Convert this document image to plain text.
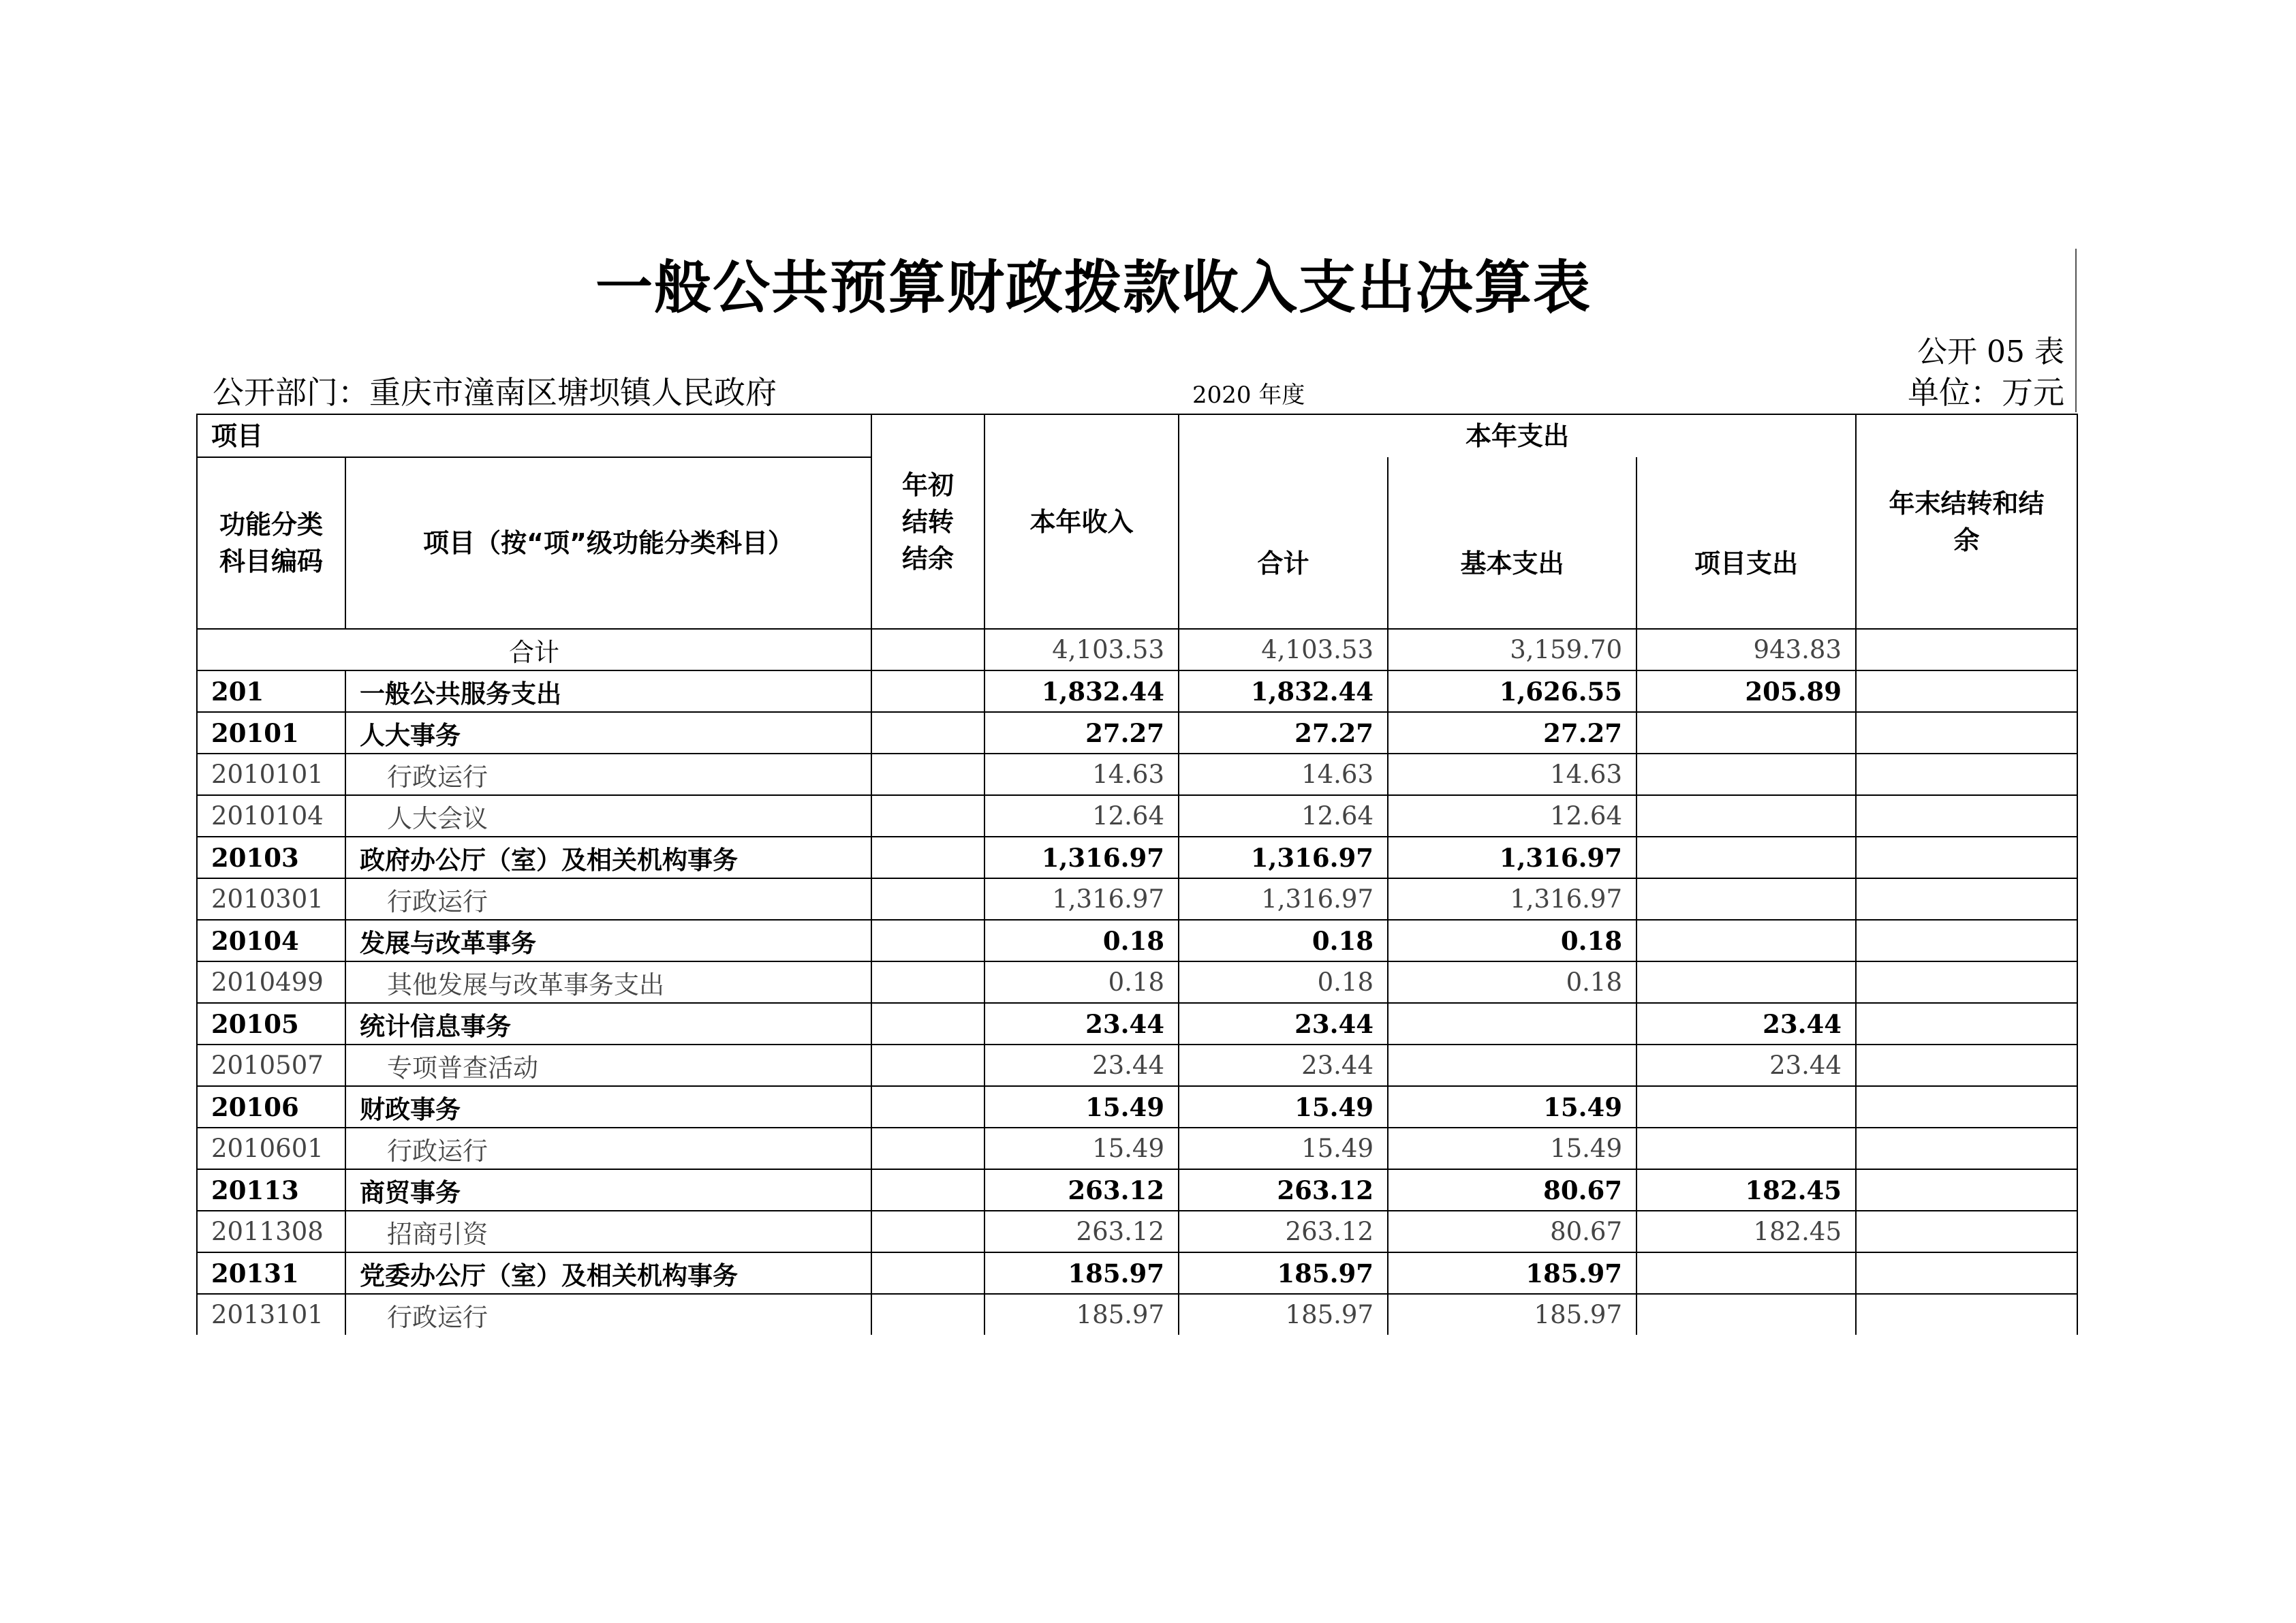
一般公共预算财政拨款收入支出决算表
公开 05 表
公开部门：重庆市潼南区塘坝镇人民政府	2020 年度	单位：万元
项目		年初结转结余	本年收入	本年支出			年末结转和结余
功能分类科目编码	项目（按“项”级功能分类科目）			合计	基本支出	项目支出	
合计			4,103.53	4,103.53	3,159.70	943.83	
201	一般公共服务支出		1,832.44	1,832.44	1,626.55	205.89	
20101	人大事务		27.27	27.27	27.27		
2010101	行政运行		14.63	14.63	14.63		
2010104	人大会议		12.64	12.64	12.64		
20103	政府办公厅（室）及相关机构事务		1,316.97	1,316.97	1,316.97		
2010301	行政运行		1,316.97	1,316.97	1,316.97		
20104	发展与改革事务		0.18	0.18	0.18		
2010499	其他发展与改革事务支出		0.18	0.18	0.18		
20105	统计信息事务		23.44	23.44		23.44	
2010507	专项普查活动		23.44	23.44		23.44	
20106	财政事务		15.49	15.49	15.49		
2010601	行政运行		15.49	15.49	15.49		
20113	商贸事务		263.12	263.12	80.67	182.45	
2011308	招商引资		263.12	263.12	80.67	182.45	
20131	党委办公厅（室）及相关机构事务		185.97	185.97	185.97		
2013101	行政运行		185.97	185.97	185.97		
